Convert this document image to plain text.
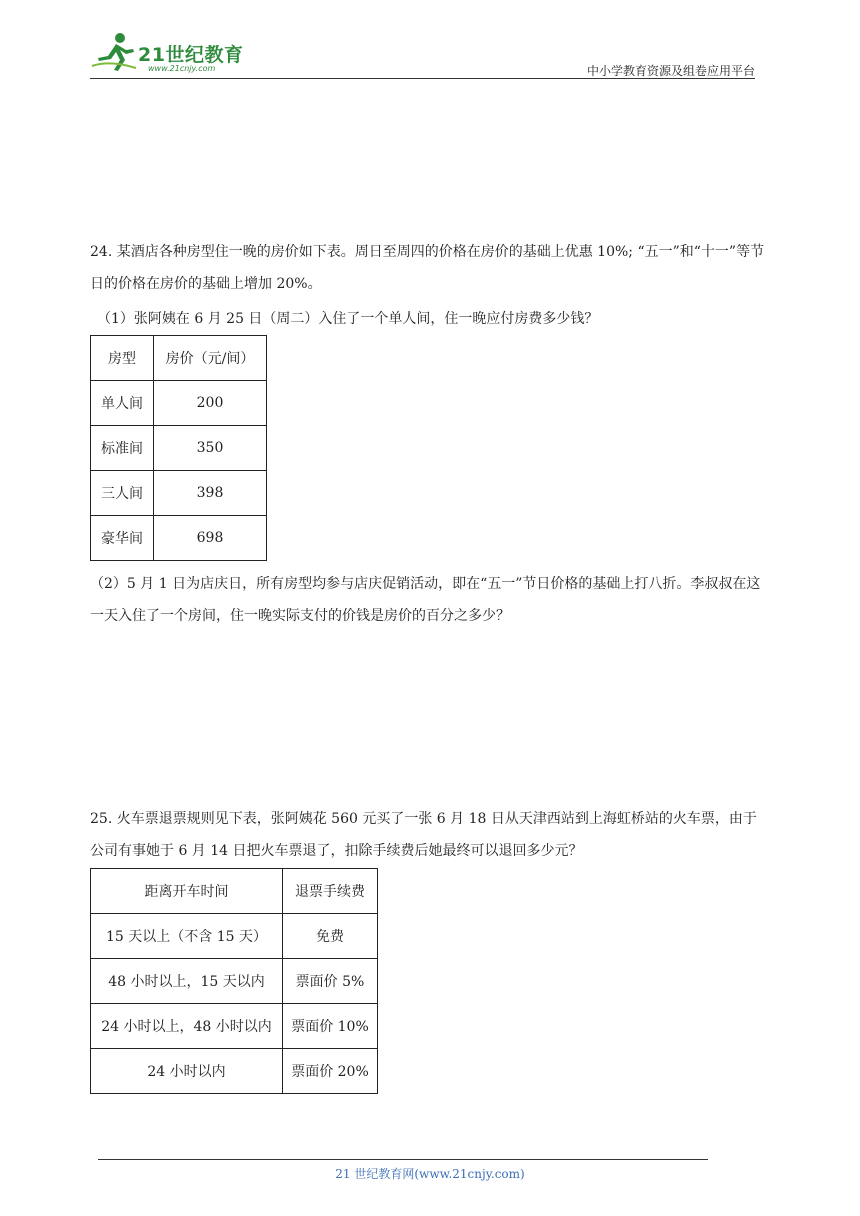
21世纪教育
www.21cnjy.com	中小学教育资源及组卷应用平台
24. 某酒店各种房型住一晚的房价如下表。周日至周四的价格在房价的基础上优惠 10%; “五一”和“十一”等节日的价格在房价的基础上增加 20%。
（1）张阿姨在 6 月 25 日（周二）入住了一个单人间，住一晚应付房费多少钱？
房型	房价（元/间）
单人间	200
标准间	350
三人间	398
豪华间	698
（2）5 月 1 日为店庆日，所有房型均参与店庆促销活动，即在“五一”节日价格的基础上打八折。李叔叔在这一天入住了一个房间，住一晚实际支付的价钱是房价的百分之多少？
25. 火车票退票规则见下表，张阿姨花 560 元买了一张 6 月 18 日从天津西站到上海虹桥站的火车票，由于公司有事她于 6 月 14 日把火车票退了，扣除手续费后她最终可以退回多少元？
距离开车时间	退票手续费
15 天以上（不含 15 天）	免费
48 小时以上，15 天以内	票面价 5%
24 小时以上，48 小时以内	票面价 10%
24 小时以内	票面价 20%
21 世纪教育网(www.21cnjy.com)
